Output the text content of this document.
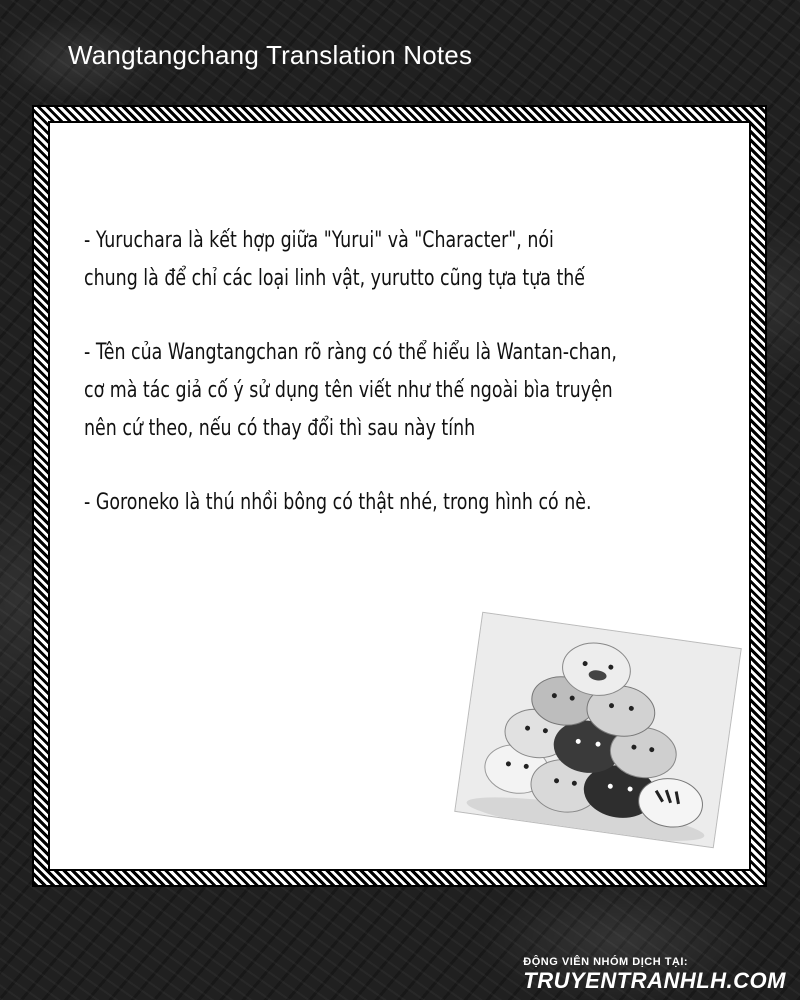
Wangtangchang Translation Notes

- Yuruchara là kết hợp giữa "Yurui" và "Character", nói
chung là để chỉ các loại linh vật, yurutto cũng tựa tựa thế

- Tên của Wangtangchan rõ ràng có thể hiểu là Wantan-chan,
cơ mà tác giả cố ý sử dụng tên viết như thế ngoài bìa truyện
nên cứ theo, nếu có thay đổi thì sau này tính

- Goroneko là thú nhồi bông có thật nhé, trong hình có nè.

ĐỘNG VIÊN NHÓM DỊCH TẠI:
TRUYENTRANHLH.COM
